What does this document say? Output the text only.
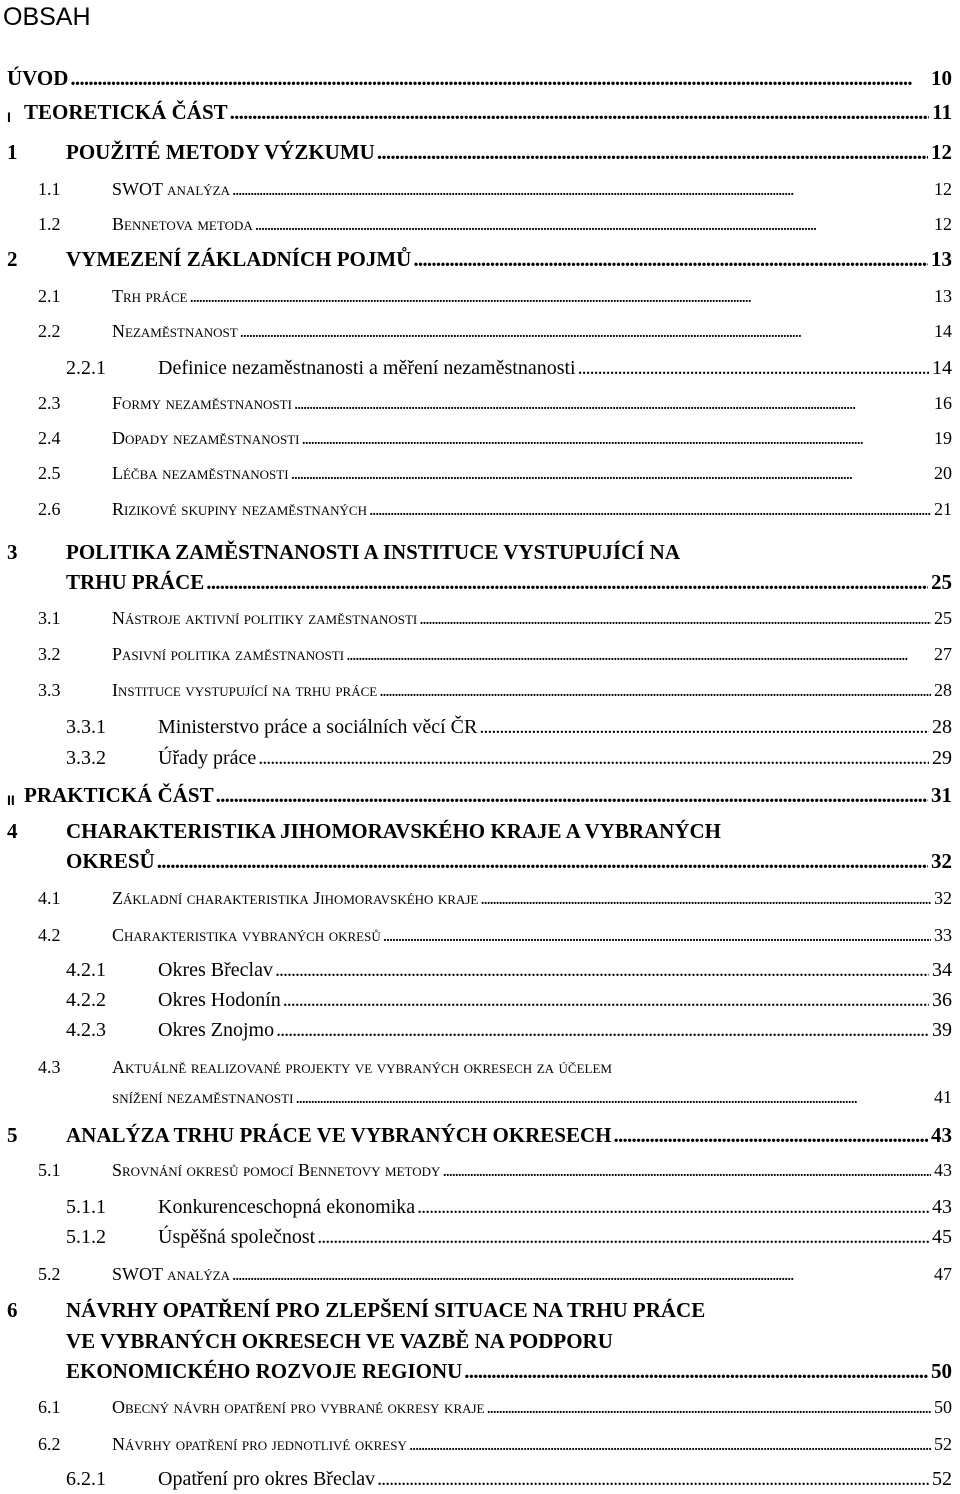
OBSAH
ÚVOD . . .	10
I TEORETICKÁ ČÁST . . .	11
1 POUŽITÉ METODY VÝZKUMU . . .	12
1.1	SWOT analýza . . .	12
1.2	Bennetova metoda . . .	12
2 VYMEZENÍ ZÁKLADNÍCH POJMŮ . . .	13
2.1	Trh práce . . .	13
2.2	Nezaměstnanost . . .	14
2.2.1	Definice nezaměstnanosti a měření nezaměstnanosti . . .	14
2.3	Formy nezaměstnanosti . . .	16
2.4	Dopady nezaměstnanosti . . .	19
2.5	Léčba nezaměstnanosti . . .	20
2.6	Rizikové skupiny nezaměstnaných . . .	21
3 POLITIKA ZAMĚSTNANOSTI A INSTITUCE VYSTUPUJÍCÍ NA
TRHU PRÁCE . . .	25
3.1	Nástroje aktivní politiky zaměstnanosti . . .	25
3.2	Pasivní politika zaměstnanosti . . .	27
3.3	Instituce vystupující na trhu práce . . .	28
3.3.1	Ministerstvo práce a sociálních věcí ČR . . .	28
3.3.2	Úřady práce . . .	29
II PRAKTICKÁ ČÁST . . .	31
4 CHARAKTERISTIKA JIHOMORAVSKÉHO KRAJE A VYBRANÝCH
OKRESŮ . . .	32
4.1	Základní charakteristika Jihomoravského kraje . . .	32
4.2	Charakteristika vybraných okresů . . .	33
4.2.1	Okres Břeclav . . .	34
4.2.2	Okres Hodonín . . .	36
4.2.3	Okres Znojmo . . .	39
4.3	Aktuálně realizované projekty ve vybraných okresech za účelem
snížení nezaměstnanosti . . .	41
5 ANALÝZA TRHU PRÁCE VE VYBRANÝCH OKRESECH . . .	43
5.1	Srovnání okresů pomocí Bennetovy metody . . .	43
5.1.1	Konkurenceschopná ekonomika . . .	43
5.1.2	Úspěšná společnost . . .	45
5.2	SWOT analýza . . .	47
6 NÁVRHY OPATŘENÍ PRO ZLEPŠENÍ SITUACE NA TRHU PRÁCE
VE VYBRANÝCH OKRESECH VE VAZBĚ NA PODPORU
EKONOMICKÉHO ROZVOJE REGIONU . . .	50
6.1	Obecný návrh opatření pro vybrané okresy kraje . . .	50
6.2	Návrhy opatření pro jednotlivé okresy . . .	52
6.2.1	Opatření pro okres Břeclav . . .	52
